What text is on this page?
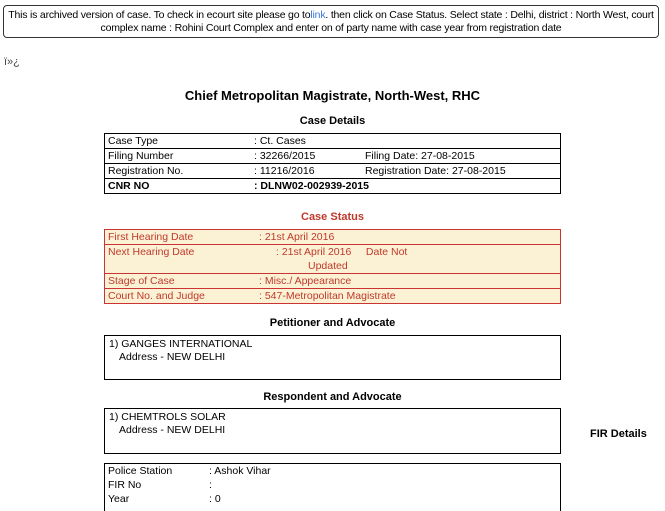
This is archived version of case. To check in ecourt site please go tolink. then click on Case Status. Select state : Delhi, district : North West, court complex name : Rohini Court Complex and enter on of party name with case year from registration date
ï»¿
Chief Metropolitan Magistrate, North-West, RHC
Case Details
Case Type	: Ct. Cases	
Filing Number	: 32266/2015	Filing Date: 27-08-2015
Registration No.	: 11216/2016	Registration Date: 27-08-2015
CNR NO	: DLNW02-002939-2015	
Case Status
First Hearing Date	: 21st April 2016
Next Hearing Date	: 21st April 2016 Date Not
Updated

Stage of Case	: Misc./ Appearance
Court No. and Judge	: 547-Metropolitan Magistrate
Petitioner and Advocate
1) GANGES INTERNATIONAL
Address - NEW DELHI
Respondent and Advocate
1) CHEMTROLS SOLAR
Address - NEW DELHI	FIR Details
Police Station	: Ashok Vihar
FIR No	:
Year	: 0
